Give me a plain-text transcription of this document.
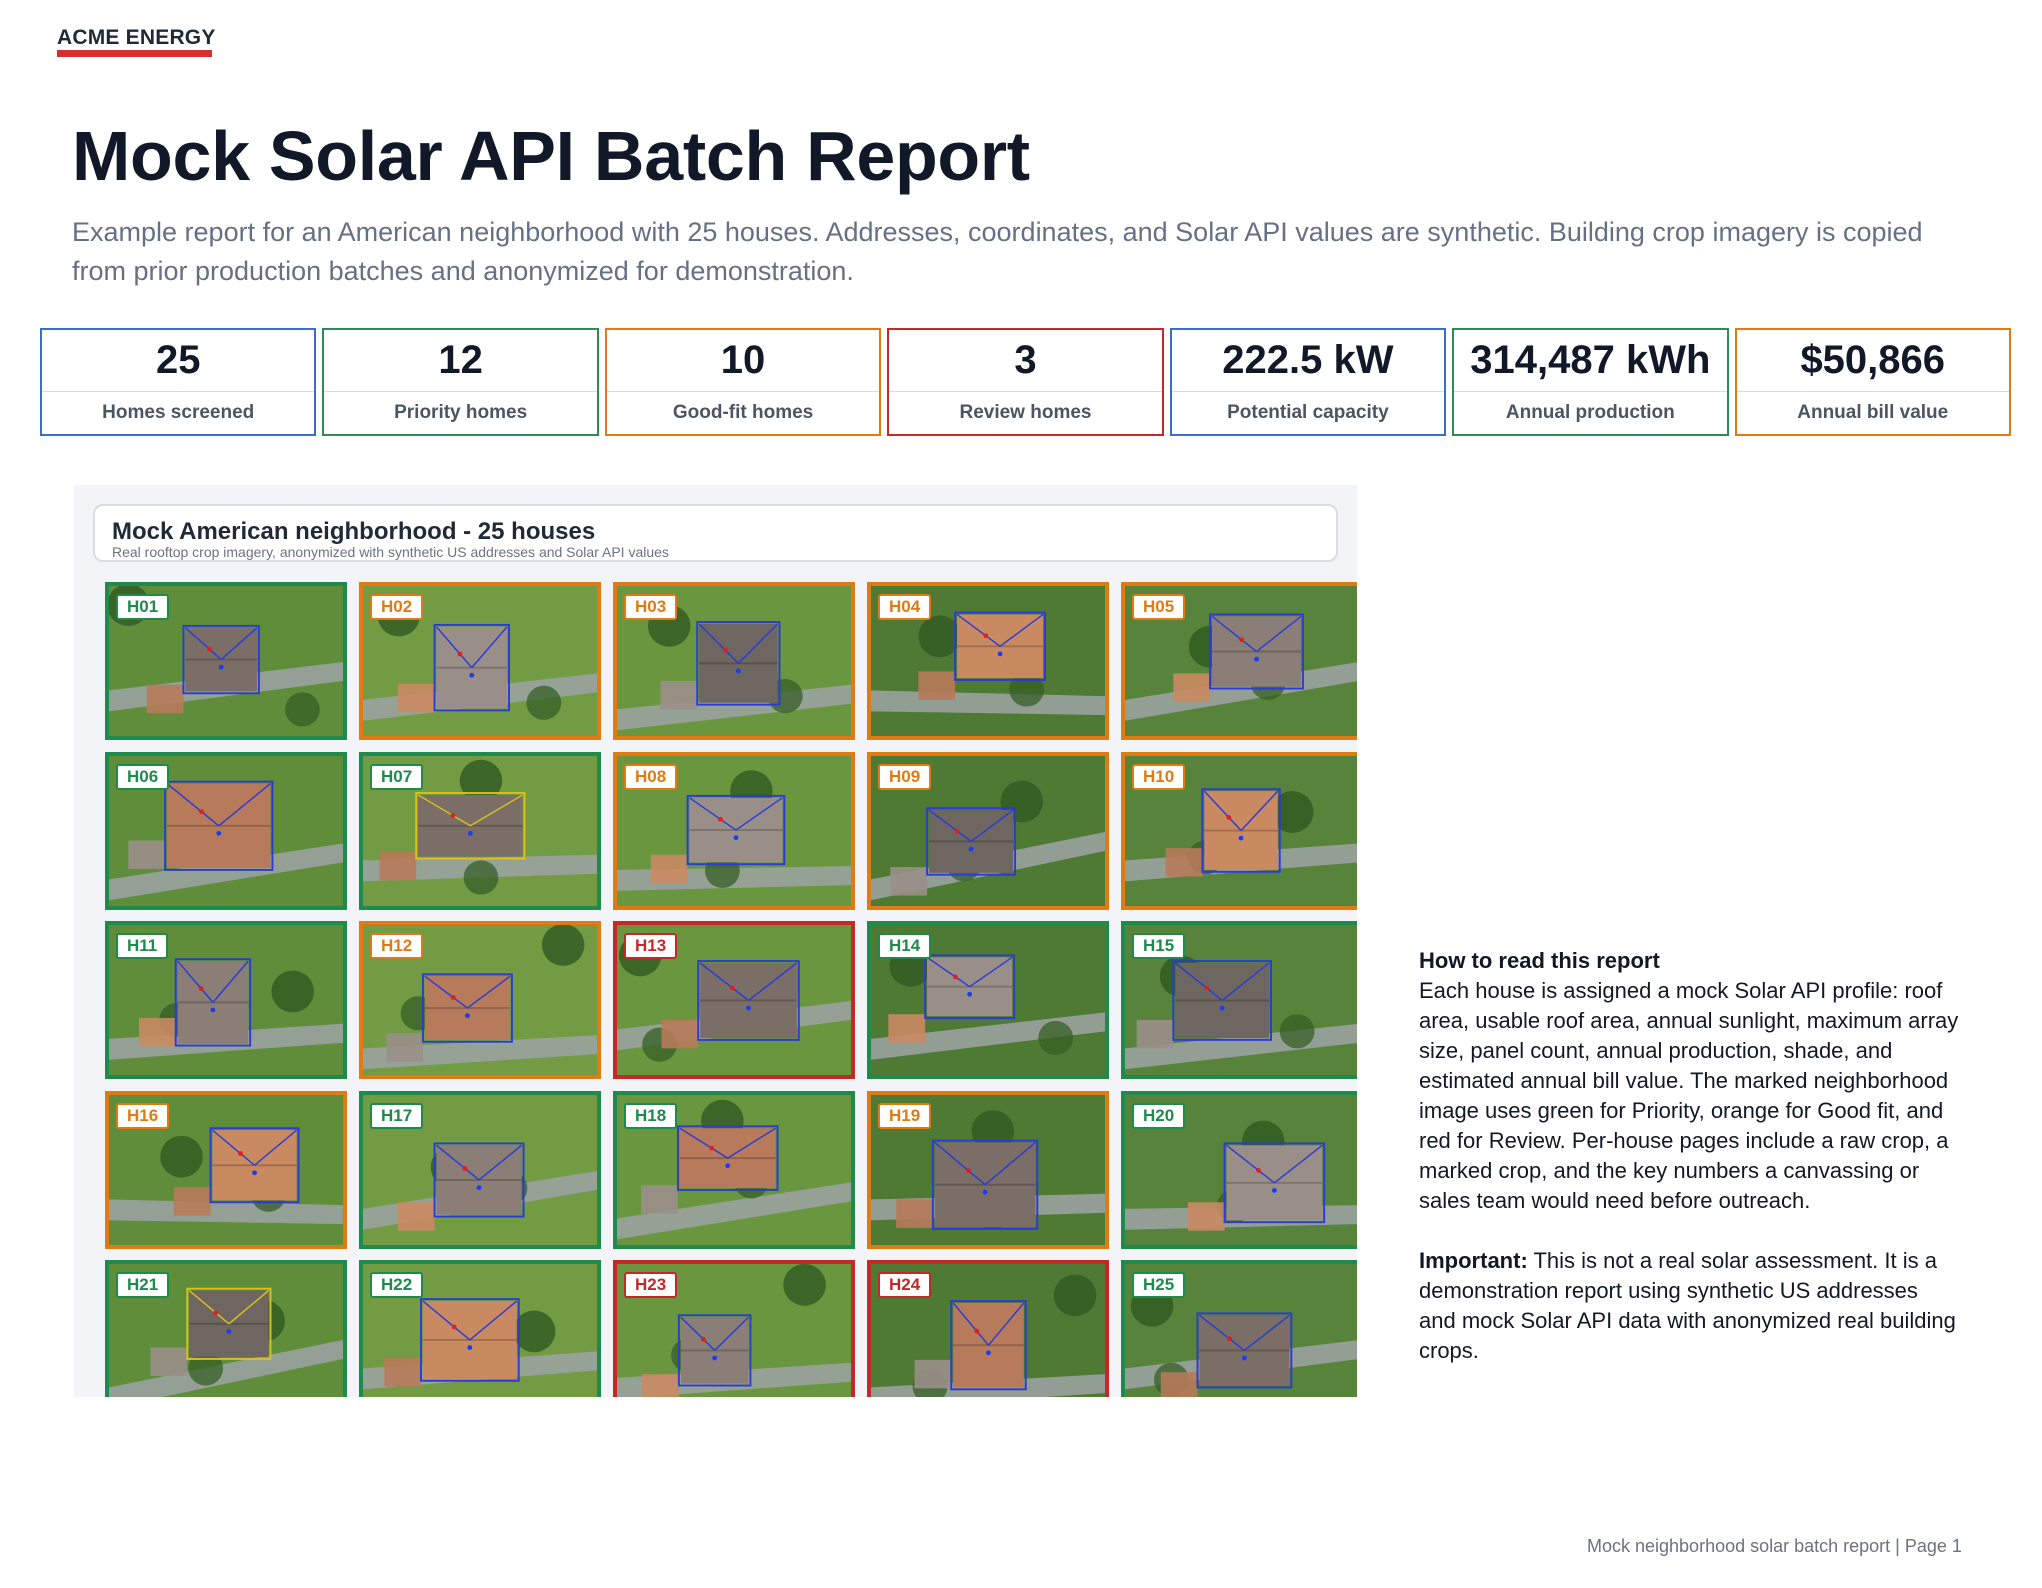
ACME ENERGY
Mock Solar API Batch Report

Example report for an American neighborhood with 25 houses. Addresses, coordinates, and Solar API values are synthetic. Building crop imagery is copied from prior production batches and anonymized for demonstration.

25
Homes screened
12
Priority homes
10
Good-fit homes
3
Review homes
222.5 kW
Potential capacity
314,487 kWh
Annual production
$50,866
Annual bill value
Mock American neighborhood - 25 houses
Real rooftop crop imagery, anonymized with synthetic US addresses and Solar API values
H01	H02	H03	H04	H05
H06	H07	H08	H09	H10
H11	H12	H13	H14	H15
H16	H17	H18	H19	H20
H21	H22	H23	H24	H25
How to read this report

Each house is assigned a mock Solar API profile: roof area, usable roof area, annual sunlight, maximum array size, panel count, annual production, shade, and estimated annual bill value. The marked neighborhood image uses green for Priority, orange for Good fit, and red for Review. Per-house pages include a raw crop, a marked crop, and the key numbers a canvassing or sales team would need before outreach.

Important: This is not a real solar assessment. It is a demonstration report using synthetic US addresses and mock Solar API data with anonymized real building crops.

Mock neighborhood solar batch report | Page 1
